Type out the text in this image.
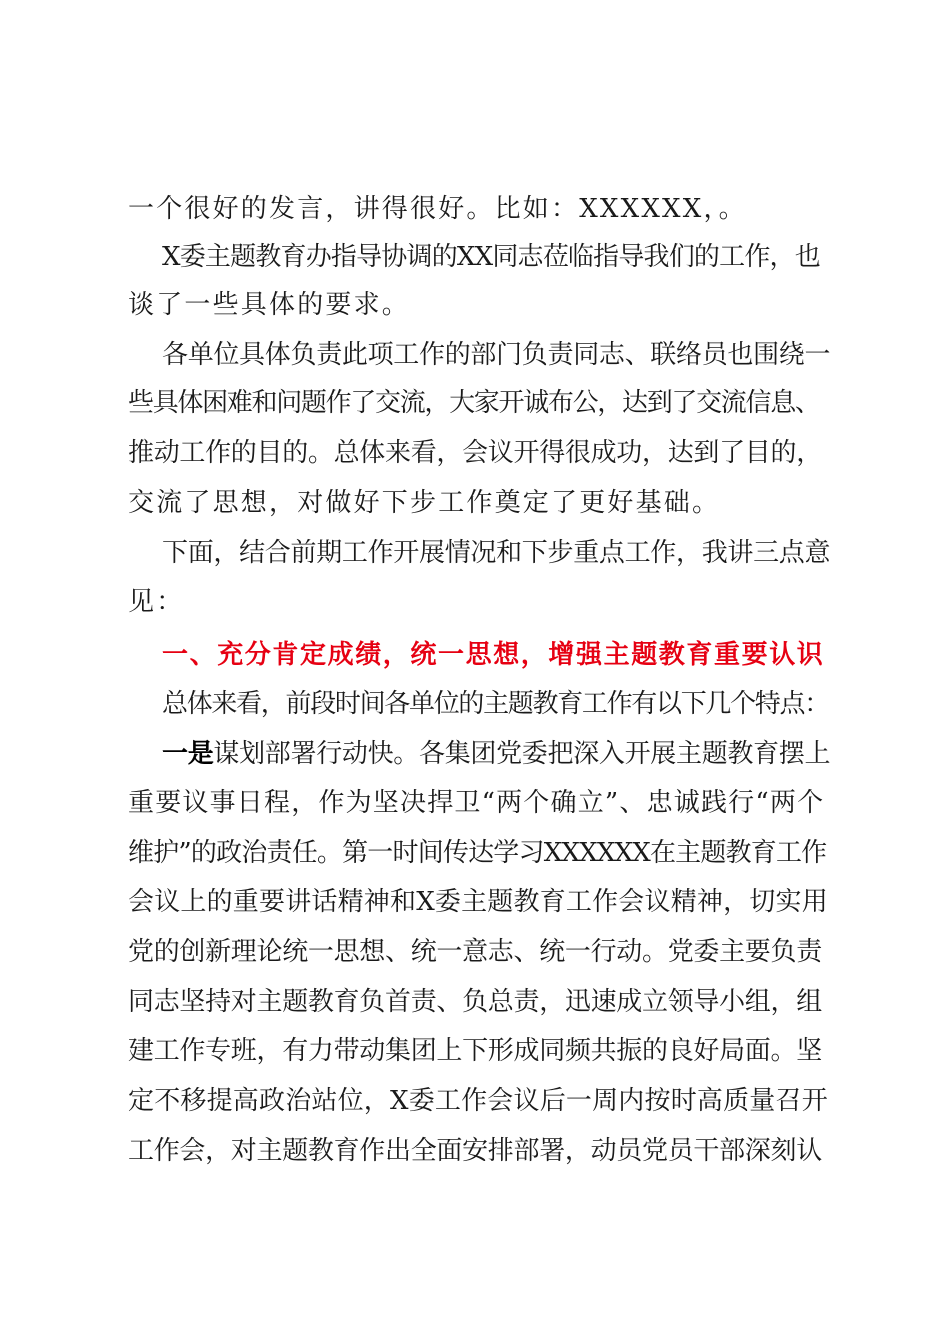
一个很好的发言，讲得很好。比如：XXXXXX，。
X委主题教育办指导协调的XX同志莅临指导我们的工作，也
谈了一些具体的要求。
各单位具体负责此项工作的部门负责同志、联络员也围绕一
些具体困难和问题作了交流，大家开诚布公，达到了交流信息、
推动工作的目的。总体来看，会议开得很成功，达到了目的，
交流了思想，对做好下步工作奠定了更好基础。
下面，结合前期工作开展情况和下步重点工作，我讲三点意
见：
一、充分肯定成绩，统一思想，增强主题教育重要认识
总体来看，前段时间各单位的主题教育工作有以下几个特点：
一是谋划部署行动快。各集团党委把深入开展主题教育摆上
重要议事日程，作为坚决捍卫“两个确立”、忠诚践行“两个
维护”的政治责任。第一时间传达学习XXXXXX在主题教育工作
会议上的重要讲话精神和X委主题教育工作会议精神，切实用
党的创新理论统一思想、统一意志、统一行动。党委主要负责
同志坚持对主题教育负首责、负总责，迅速成立领导小组，组
建工作专班，有力带动集团上下形成同频共振的良好局面。坚
定不移提高政治站位，X委工作会议后一周内按时高质量召开
工作会，对主题教育作出全面安排部署，动员党员干部深刻认
